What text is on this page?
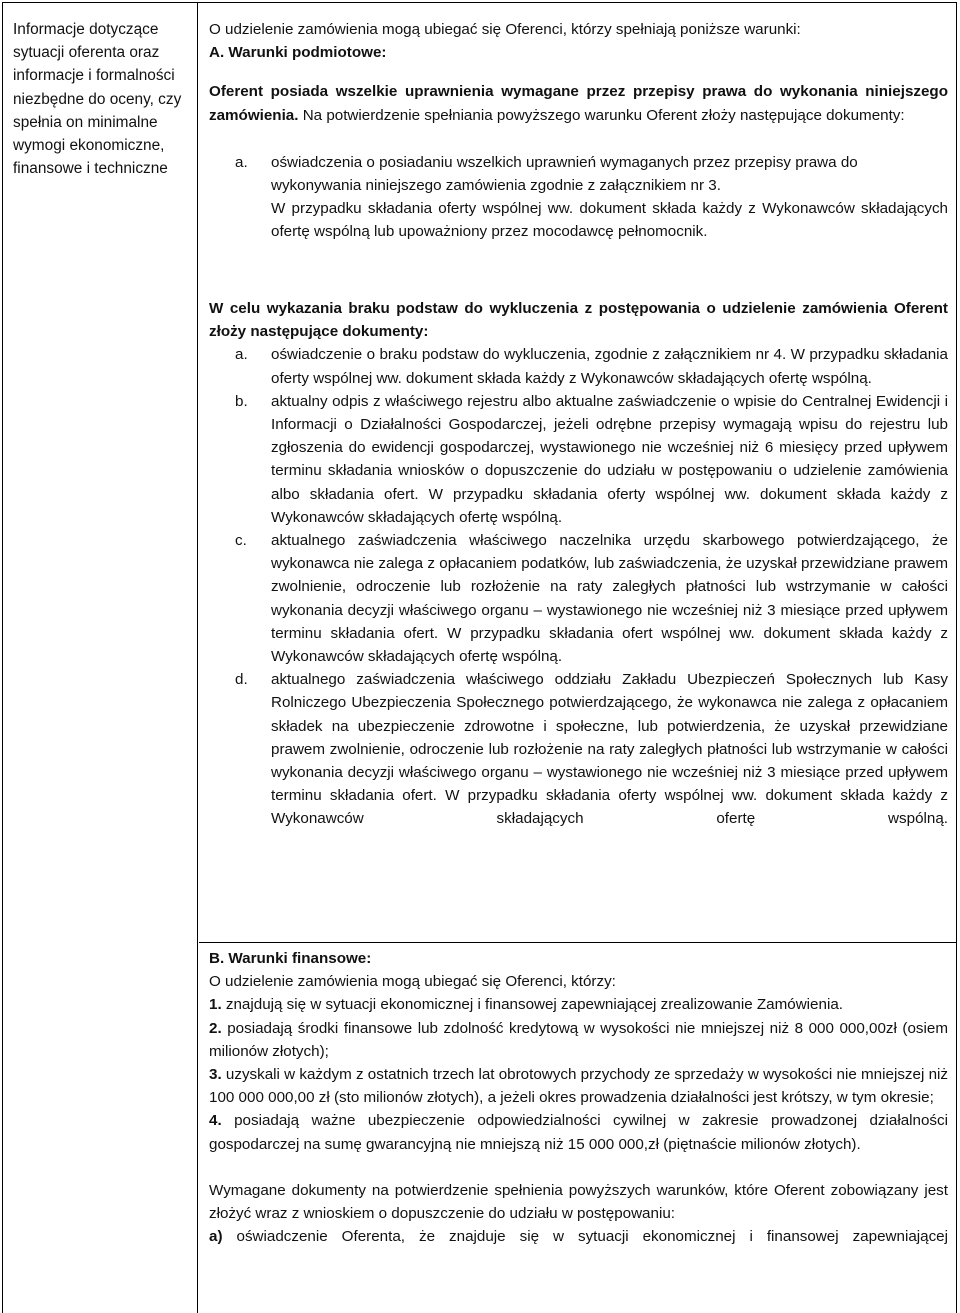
Informacje dotyczące sytuacji oferenta oraz informacje i formalności niezbędne do oceny, czy spełnia on minimalne wymogi ekonomiczne, finansowe i techniczne

O udzielenie zamówienia mogą ubiegać się Oferenci, którzy spełniają poniższe warunki:

A. Warunki podmiotowe:

Oferent posiada wszelkie uprawnienia wymagane przez przepisy prawa do wykonania niniejszego zamówienia. Na potwierdzenie spełniania powyższego warunku Oferent złoży następujące dokumenty:

a. oświadczenia o posiadaniu wszelkich uprawnień wymaganych przez przepisy prawa do wykonywania niniejszego zamówienia zgodnie z załącznikiem nr 3.

W przypadku składania oferty wspólnej ww. dokument składa każdy z Wykonawców składających ofertę wspólną lub upoważniony przez mocodawcę pełnomocnik.

W celu wykazania braku podstaw do wykluczenia z postępowania o udzielenie zamówienia Oferent złoży następujące dokumenty:

a. oświadczenie o braku podstaw do wykluczenia, zgodnie z załącznikiem nr 4. W przypadku składania oferty wspólnej ww. dokument składa każdy z Wykonawców składających ofertę wspólną.

b. aktualny odpis z właściwego rejestru albo aktualne zaświadczenie o wpisie do Centralnej Ewidencji i Informacji o Działalności Gospodarczej, jeżeli odrębne przepisy wymagają wpisu do rejestru lub zgłoszenia do ewidencji gospodarczej, wystawionego nie wcześniej niż 6 miesięcy przed upływem terminu składania wniosków o dopuszczenie do udziału w postępowaniu o udzielenie zamówienia albo składania ofert. W przypadku składania oferty wspólnej ww. dokument składa każdy z Wykonawców składających ofertę wspólną.

c. aktualnego zaświadczenia właściwego naczelnika urzędu skarbowego potwierdzającego, że wykonawca nie zalega z opłacaniem podatków, lub zaświadczenia, że uzyskał przewidziane prawem zwolnienie, odroczenie lub rozłożenie na raty zaległych płatności lub wstrzymanie w całości wykonania decyzji właściwego organu – wystawionego nie wcześniej niż 3 miesiące przed upływem terminu składania ofert. W przypadku składania ofert wspólnej ww. dokument składa każdy z Wykonawców składających ofertę wspólną.

d. aktualnego zaświadczenia właściwego oddziału Zakładu Ubezpieczeń Społecznych lub Kasy Rolniczego Ubezpieczenia Społecznego potwierdzającego, że wykonawca nie zalega z opłacaniem składek na ubezpieczenie zdrowotne i społeczne, lub potwierdzenia, że uzyskał przewidziane prawem zwolnienie, odroczenie lub rozłożenie na raty zaległych płatności lub wstrzymanie w całości wykonania decyzji właściwego organu – wystawionego nie wcześniej niż 3 miesiące przed upływem terminu składania ofert. W przypadku składania oferty wspólnej ww. dokument składa każdy z Wykonawców składających ofertę wspólną.

B. Warunki finansowe:

O udzielenie zamówienia mogą ubiegać się Oferenci, którzy:

1. znajdują się w sytuacji ekonomicznej i finansowej zapewniającej zrealizowanie Zamówienia.

2. posiadają środki finansowe lub zdolność kredytową w wysokości nie mniejszej niż 8 000 000,00zł (osiem milionów złotych);

3. uzyskali w każdym z ostatnich trzech lat obrotowych przychody ze sprzedaży w wysokości nie mniejszej niż 100 000 000,00 zł (sto milionów złotych), a jeżeli okres prowadzenia działalności jest krótszy, w tym okresie;

4. posiadają ważne ubezpieczenie odpowiedzialności cywilnej w zakresie prowadzonej działalności gospodarczej na sumę gwarancyjną nie mniejszą niż 15 000 000,zł (piętnaście milionów złotych).

Wymagane dokumenty na potwierdzenie spełnienia powyższych warunków, które Oferent zobowiązany jest złożyć wraz z wnioskiem o dopuszczenie do udziału w postępowaniu:

a) oświadczenie Oferenta, że znajduje się w sytuacji ekonomicznej i finansowej zapewniającej
